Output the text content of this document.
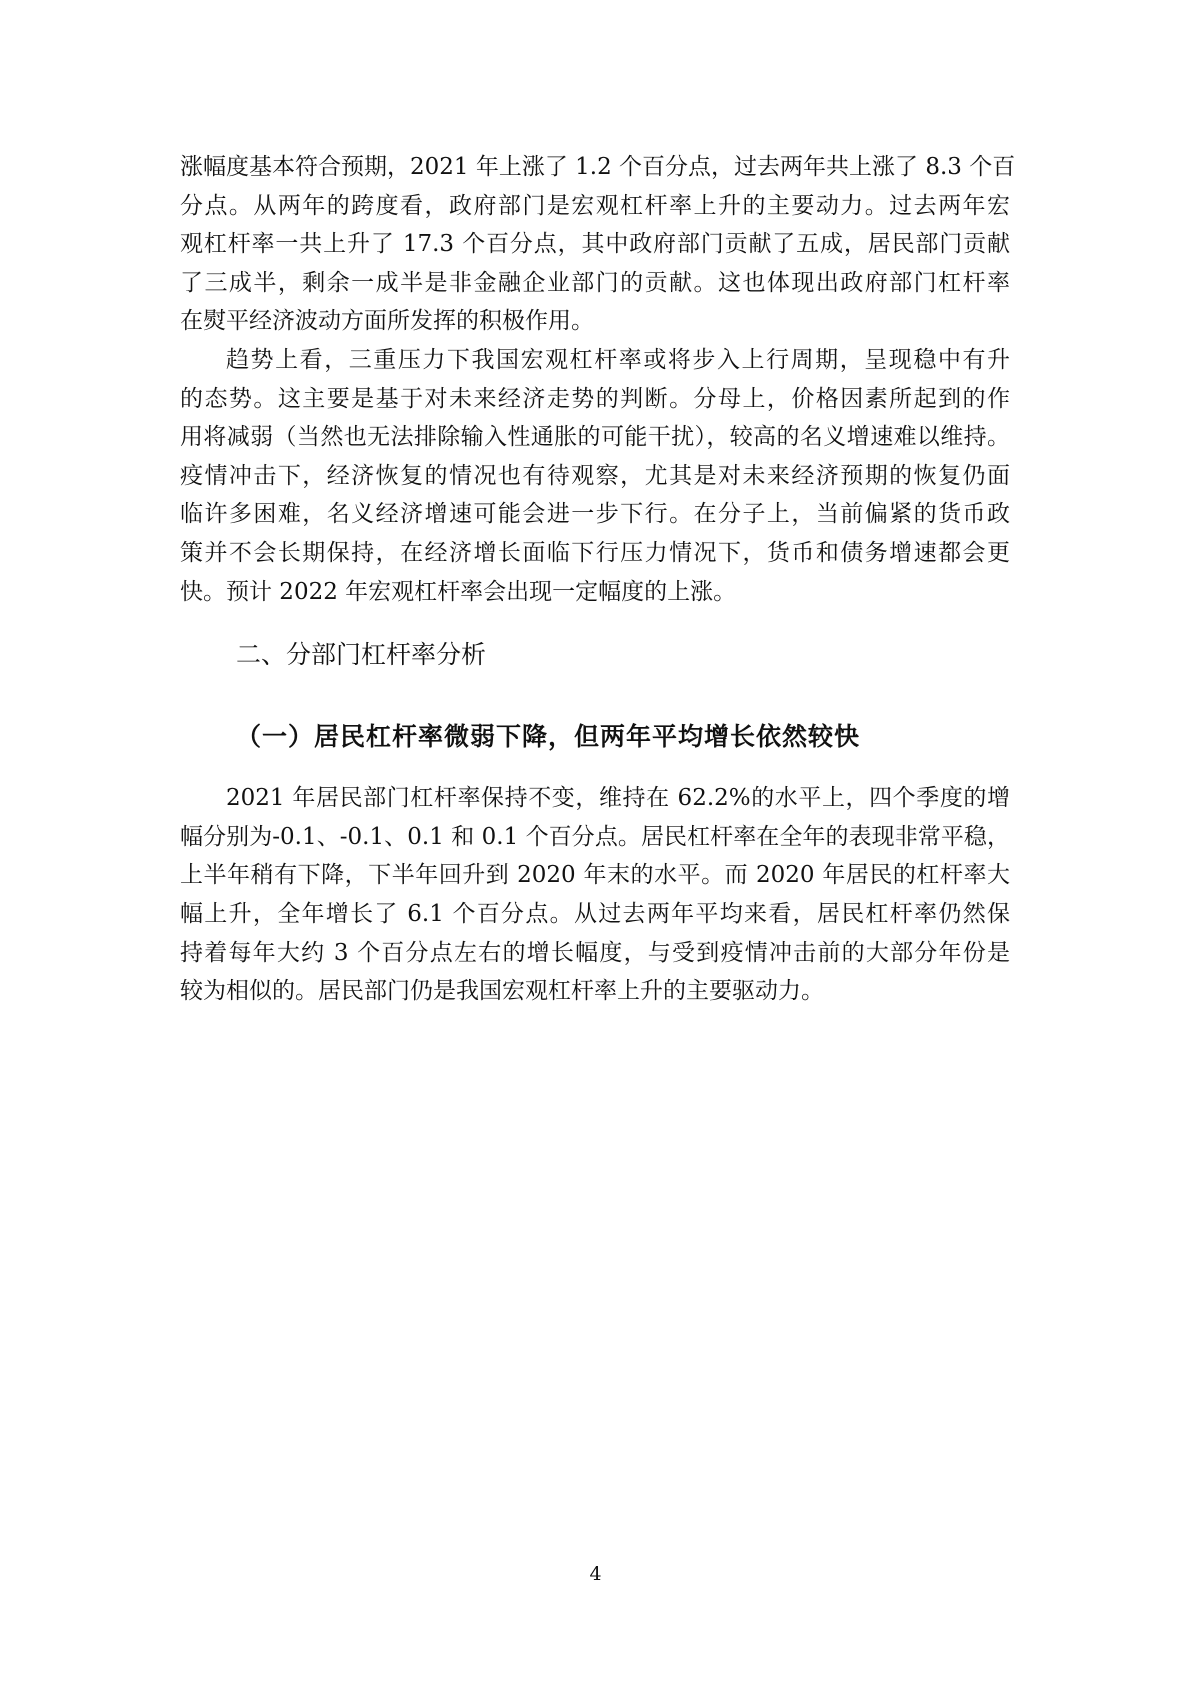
涨幅度基本符合预期，2021 年上涨了 1.2 个百分点，过去两年共上涨了 8.3 个百
分点。从两年的跨度看，政府部门是宏观杠杆率上升的主要动力。过去两年宏
观杠杆率一共上升了 17.3 个百分点，其中政府部门贡献了五成，居民部门贡献
了三成半，剩余一成半是非金融企业部门的贡献。这也体现出政府部门杠杆率
在熨平经济波动方面所发挥的积极作用。

趋势上看，三重压力下我国宏观杠杆率或将步入上行周期，呈现稳中有升
的态势。这主要是基于对未来经济走势的判断。分母上，价格因素所起到的作
用将减弱（当然也无法排除输入性通胀的可能干扰），较高的名义增速难以维持。
疫情冲击下，经济恢复的情况也有待观察，尤其是对未来经济预期的恢复仍面
临许多困难，名义经济增速可能会进一步下行。在分子上，当前偏紧的货币政
策并不会长期保持，在经济增长面临下行压力情况下，货币和债务增速都会更
快。预计 2022 年宏观杠杆率会出现一定幅度的上涨。

二、分部门杠杆率分析
（一）居民杠杆率微弱下降，但两年平均增长依然较快

2021 年居民部门杠杆率保持不变，维持在 62.2%的水平上，四个季度的增
幅分别为-0.1、-0.1、0.1 和 0.1 个百分点。居民杠杆率在全年的表现非常平稳，
上半年稍有下降，下半年回升到 2020 年末的水平。而 2020 年居民的杠杆率大
幅上升，全年增长了 6.1 个百分点。从过去两年平均来看，居民杠杆率仍然保
持着每年大约 3 个百分点左右的增长幅度，与受到疫情冲击前的大部分年份是
较为相似的。居民部门仍是我国宏观杠杆率上升的主要驱动力。

4
